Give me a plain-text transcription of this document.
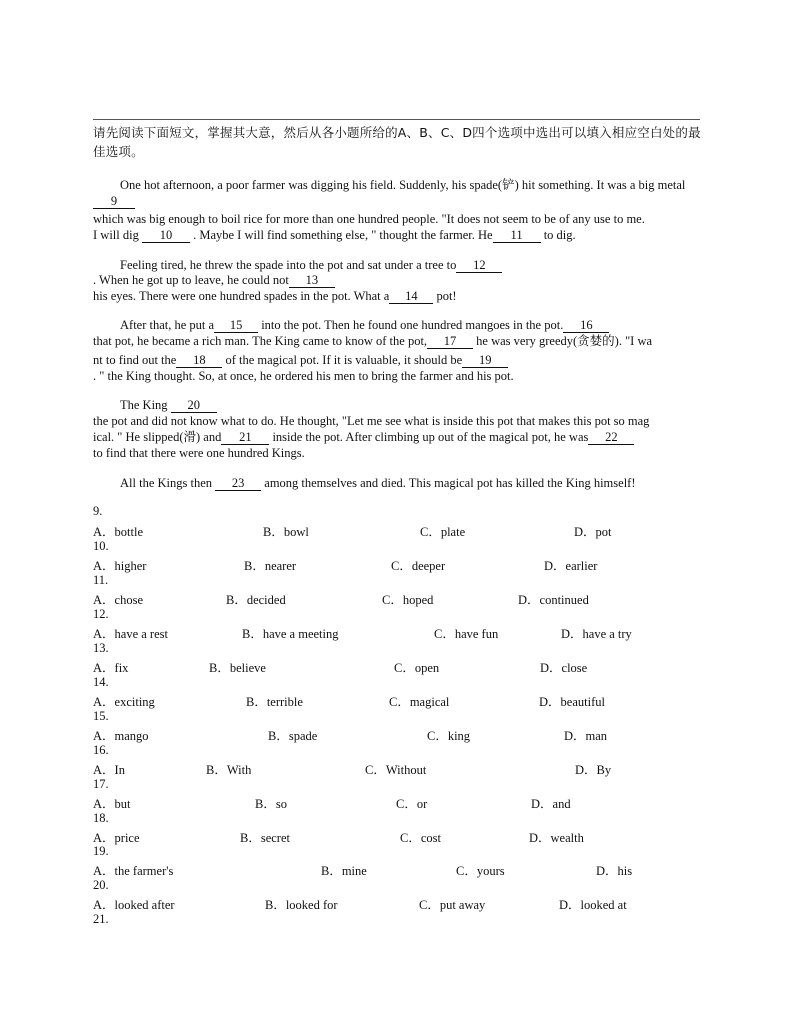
请先阅读下面短文，掌握其大意，然后从各小题所给的A、B、C、D四个选项中选出可以填入相应空白处的最佳选项。
One hot afternoon, a poor farmer was digging his field. Suddenly, his spade(铲) hit something. It was a big metal
9
which was big enough to boil rice for more than one hundred people. "It does not seem to be of any use to me.
I will dig 10 . Maybe I will find something else, " thought the farmer. He 11 to dig.
Feeling tired, he threw the spade into the pot and sat under a tree to 12
. When he got up to leave, he could not 13
his eyes. There were one hundred spades in the pot. What a 14 pot!
After that, he put a 15 into the pot. Then he found one hundred mangoes in the pot. 16
that pot, he became a rich man. The King came to know of the pot, 17 he was very greedy(贪婪的). "I wa
nt to find out the 18 of the magical pot. If it is valuable, it should be 19
. " the King thought. So, at once, he ordered his men to bring the farmer and his pot.
The King 20
the pot and did not know what to do. He thought, "Let me see what is inside this pot that makes this pot so mag
ical. " He slipped(滑) and 21 inside the pot. After climbing up out of the magical pot, he was 22
to find that there were one hundred Kings.
All the Kings then 23 among themselves and died. This magical pot has killed the King himself!
9.
A．bottle	B．bowl	C．plate	D．pot
10.
A．higher	B．nearer	C．deeper	D．earlier
11.
A．chose	B．decided	C．hoped	D．continued
12.
A．have a rest	B．have a meeting	C．have fun	D．have a try
13.
A．fix	B．believe	C．open	D．close
14.
A．exciting	B．terrible	C．magical	D．beautiful
15.
A．mango	B．spade	C．king	D．man
16.
A．In	B．With	C．Without	D．By
17.
A．but	B．so	C．or	D．and
18.
A．price	B．secret	C．cost	D．wealth
19.
A．the farmer's	B．mine	C．yours	D．his
20.
A．looked after	B．looked for	C．put away	D．looked at
21.
